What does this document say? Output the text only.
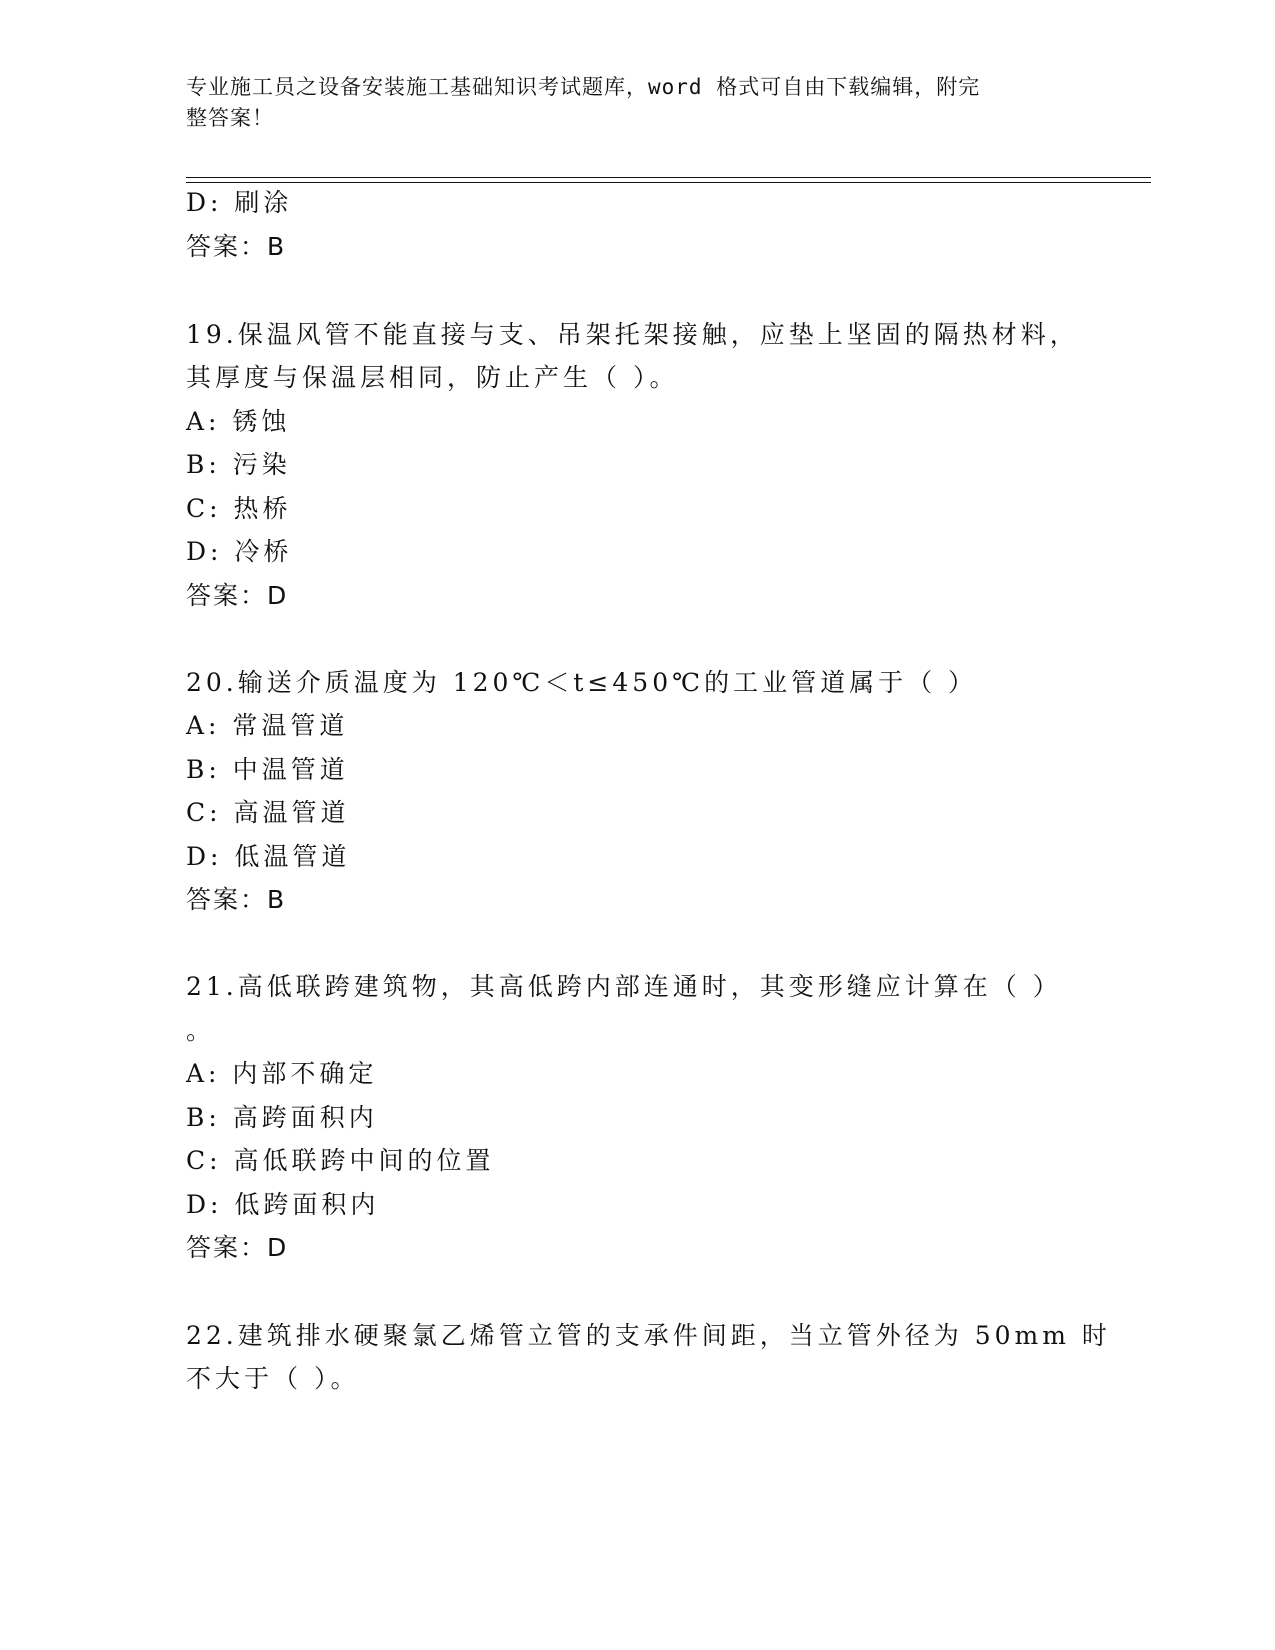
专业施工员之设备安装施工基础知识考试题库，word 格式可自由下载编辑，附完
整答案！
D: 刷涂
答案：B
19.保温风管不能直接与支、吊架托架接触，应垫上坚固的隔热材料，
其厚度与保温层相同，防止产生（ ）。
A: 锈蚀
B: 污染
C: 热桥
D: 冷桥
答案：D
20.输送介质温度为 120℃＜t≤450℃的工业管道属于（ ）
A: 常温管道
B: 中温管道
C: 高温管道
D: 低温管道
答案：B
21.高低联跨建筑物，其高低跨内部连通时，其变形缝应计算在（ ）
。
A: 内部不确定
B: 高跨面积内
C: 高低联跨中间的位置
D: 低跨面积内
答案：D
22.建筑排水硬聚氯乙烯管立管的支承件间距，当立管外径为 50mm 时
不大于（ ）。
